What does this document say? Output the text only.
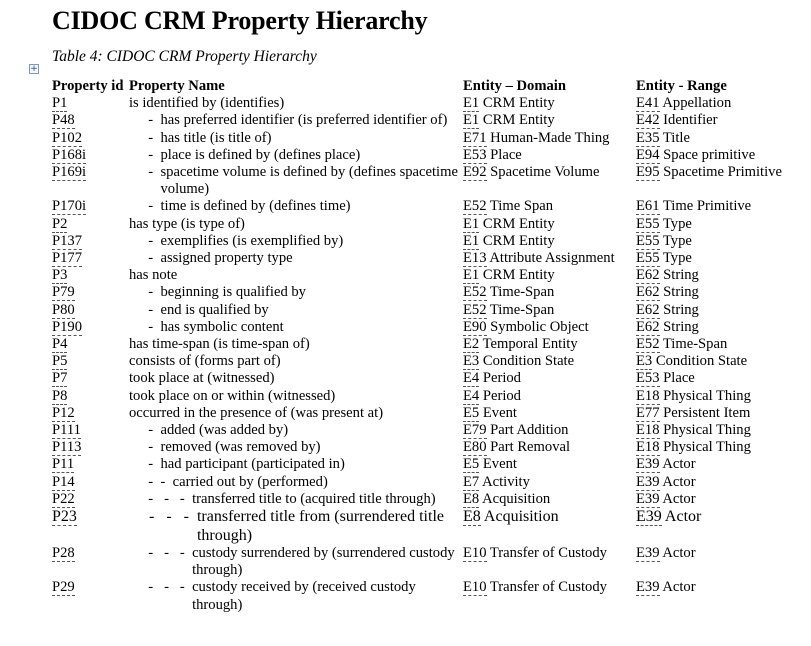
CIDOC CRM Property Hierarchy
Table 4: CIDOC CRM Property Hierarchy
+
Property id	Property Name	Entity – Domain	Entity - Range
P1	is identified by (identifies)	E1 CRM Entity	E41 Appellation

P48	- has preferred identifier (is preferred identifier of)	E1 CRM Entity	E42 Identifier

P102	- has title (is title of)	E71 Human-Made Thing	E35 Title

P168i	- place is defined by (defines place)	E53 Place	E94 Space primitive

P169i	- spacetime volume is defined by (defines spacetime volume)	E92 Spacetime Volume	E95 Spacetime Primitive

P170i	- time is defined by (defines time)	E52 Time Span	E61 Time Primitive

P2	has type (is type of)	E1 CRM Entity	E55 Type

P137	- exemplifies (is exemplified by)	E1 CRM Entity	E55 Type

P177	- assigned property type	E13 Attribute Assignment	E55 Type

P3	has note	E1 CRM Entity	E62 String

P79	- beginning is qualified by	E52 Time-Span	E62 String

P80	- end is qualified by	E52 Time-Span	E62 String

P190	- has symbolic content	E90 Symbolic Object	E62 String

P4	has time-span (is time-span of)	E2 Temporal Entity	E52 Time-Span

P5	consists of (forms part of)	E3 Condition State	E3 Condition State

P7	took place at (witnessed)	E4 Period	E53 Place

P8	took place on or within (witnessed)	E4 Period	E18 Physical Thing

P12	occurred in the presence of (was present at)	E5 Event	E77 Persistent Item

P111	- added (was added by)	E79 Part Addition	E18 Physical Thing

P113	- removed (was removed by)	E80 Part Removal	E18 Physical Thing

P11	- had participant (participated in)	E5 Event	E39 Actor

P14	-  - carried out by (performed)	E7 Activity	E39 Actor

P22	-   -   - transferred title to (acquired title through)	E8 Acquisition	E39 Actor

P23	-   -   - transferred title from (surrendered title through)	E8 Acquisition	E39 Actor

P28	-   -   - custody surrendered by (surrendered custody through)	E10 Transfer of Custody	E39 Actor

P29	-   -   - custody received by (received custody through)	E10 Transfer of Custody	E39 Actor
